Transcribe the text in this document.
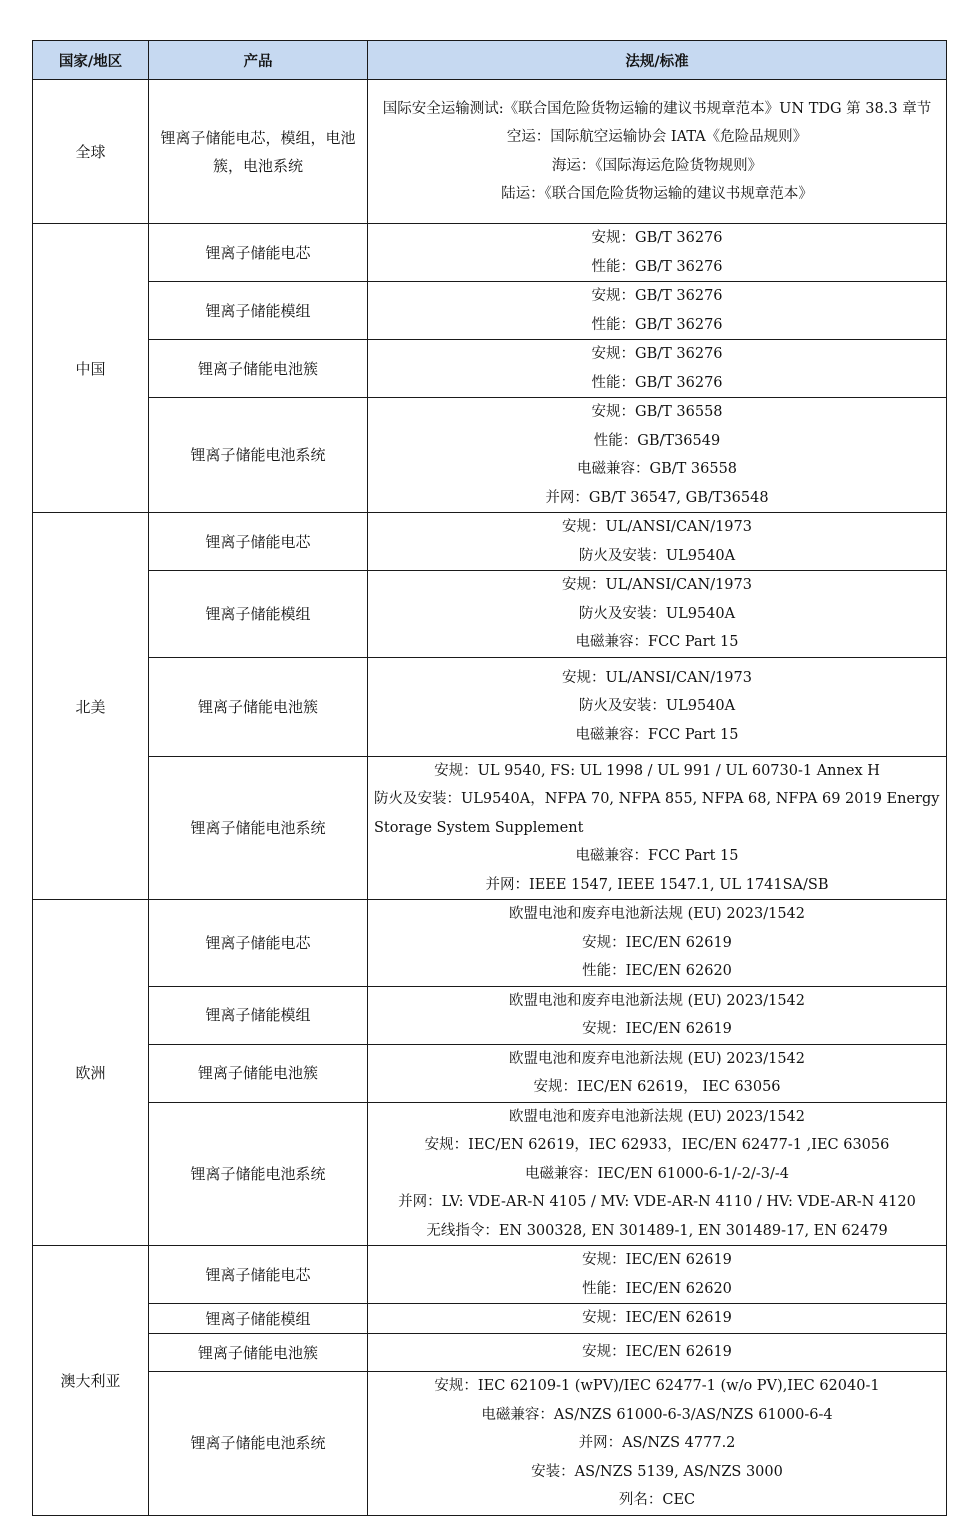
国家/地区	产品	法规/标准
全球	锂离子储能电芯，模组，电池簇，电池系统	国际安全运输测试:《联合国危险货物运输的建议书规章范本》UN TDG 第 38.3 章节
空运：国际航空运输协会 IATA《危险品规则》
海运：《国际海运危险货物规则》
陆运：《联合国危险货物运输的建议书规章范本》

中国	锂离子储能电芯	安规：GB/T 36276
性能：GB/T 36276

	锂离子储能模组	安规：GB/T 36276
性能：GB/T 36276

	锂离子储能电池簇	安规：GB/T 36276
性能：GB/T 36276

	锂离子储能电池系统	安规：GB/T 36558
性能：GB/T36549
电磁兼容：GB/T 36558
并网：GB/T 36547, GB/T36548

北美	锂离子储能电芯	安规：UL/ANSI/CAN/1973
防火及安装：UL9540A

	锂离子储能模组	安规：UL/ANSI/CAN/1973
防火及安装：UL9540A
电磁兼容：FCC Part 15

	锂离子储能电池簇	安规：UL/ANSI/CAN/1973
防火及安装：UL9540A
电磁兼容：FCC Part 15

	锂离子储能电池系统	安规：UL 9540, FS: UL 1998 / UL 991 / UL 60730-1 Annex H
防火及安装：UL9540A，NFPA 70, NFPA 855, NFPA 68, NFPA 69 2019 Energy Storage System Supplement
电磁兼容：FCC Part 15
并网：IEEE 1547, IEEE 1547.1, UL 1741SA/SB

欧洲	锂离子储能电芯	欧盟电池和废弃电池新法规 (EU) 2023/1542
安规：IEC/EN 62619
性能：IEC/EN 62620

	锂离子储能模组	欧盟电池和废弃电池新法规 (EU) 2023/1542
安规：IEC/EN 62619

	锂离子储能电池簇	欧盟电池和废弃电池新法规 (EU) 2023/1542
安规：IEC/EN 62619， IEC 63056

	锂离子储能电池系统	欧盟电池和废弃电池新法规 (EU) 2023/1542
安规：IEC/EN 62619，IEC 62933，IEC/EN 62477-1 ,IEC 63056
电磁兼容：IEC/EN 61000-6-1/-2/-3/-4
并网：LV: VDE-AR-N 4105 / MV: VDE-AR-N 4110 / HV: VDE-AR-N 4120
无线指令：EN 300328, EN 301489-1, EN 301489-17, EN 62479

澳大利亚	锂离子储能电芯	安规：IEC/EN 62619
性能：IEC/EN 62620

	锂离子储能模组	安规：IEC/EN 62619

	锂离子储能电池簇	安规：IEC/EN 62619

	锂离子储能电池系统	安规：IEC 62109-1 (wPV)/IEC 62477-1 (w/o PV),IEC 62040-1
电磁兼容：AS/NZS 61000-6-3/AS/NZS 61000-6-4
并网：AS/NZS 4777.2
安装：AS/NZS 5139, AS/NZS 3000
列名：CEC
